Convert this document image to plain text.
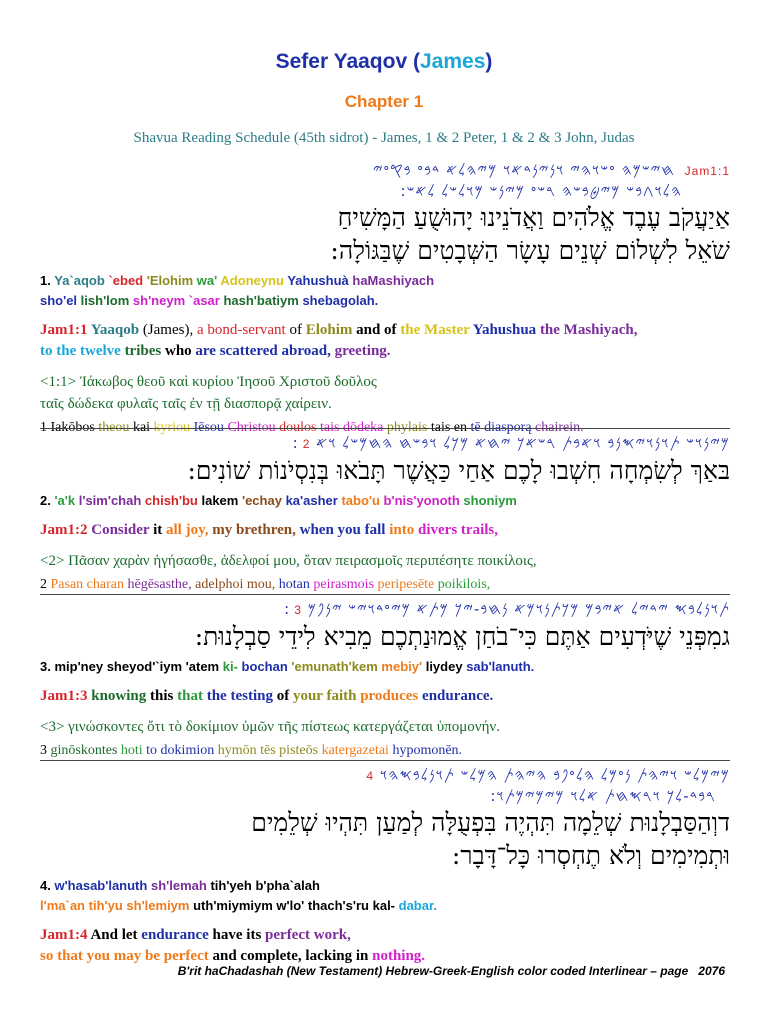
Sefer Yaaqov (James)
Chapter 1
Shavua Reading Schedule (45th sidrot) - James, 1 & 2 Peter, 1 & 2 & 3 John, Judas
𐤇𐤉𐤔𐤌𐤄 𐤏𐤔𐤅𐤄𐤉 𐤅𐤍𐤉𐤍𐤃𐤀𐤅 𐤌𐤉𐤄𐤋𐤀 𐤃𐤁𐤏 𐤁𐤒𐤏𐤉 Jam1:1
:𐤄𐤋𐤅𐤂𐤁𐤔 𐤌𐤉𐤈𐤁𐤔𐤄 𐤓𐤔𐤏 𐤌𐤉𐤍𐤔 𐤌𐤅𐤋𐤔𐤋 𐤋𐤀𐤔
אַיַעֲקֹב עֶבֶד אֱלֹהִים וַאֲדֹנֵינוּ יָהוּשֻׁעַ הַמָּשִׁיחַ
שֹׁאֵל לִשְׁלוֹם שְׁנֵים עָשָׂר הַשְּׁבָטִים שֶׁבַּגּוֹלָה:
1. Ya`aqob `ebed 'Elohim wa' Adoneynu Yahushuà haMashiyach
sho'el lish'lom sh'neym `asar hash'batiym shebagolah.
Jam1:1 Yaaqob (James), a bond-servant of Elohim and of the Master Yahushua the Mashiyach,
to the twelve tribes who are scattered abroad, greeting.
<1:1> Ἰάκωβος θεοῦ καὶ κυρίου Ἰησοῦ Χριστοῦ δοῦλος
ταῖς δώδεκα φυλαῖς ταῖς ἐν τῇ διασπορᾷ χαίρειν.
1 Iakōbos theou kai kyriou Iēsou Christou doulos tais dōdeka phylais tais en tē diasporą chairein.
:𐤌𐤉𐤍𐤅𐤔 𐤕𐤅𐤍𐤅𐤉𐤎𐤍𐤁 𐤅𐤀𐤁𐤕 𐤓𐤔𐤀𐤊 𐤉𐤇𐤀 𐤌𐤊𐤋 𐤅𐤁𐤔𐤇 𐤄𐤇𐤌𐤔𐤋 𐤅𐤀 2
בּאַךְ לְשִׂמְחָה חִשְׁבוּ לָכֶם אַחַי כַּאֲשֶׁר תָּבֹאוּ בְּנִסְיֹנוֹת שׁוֹנִים:
2. 'a'k l'sim'chah chish'bu lakem 'echay ka'asher tabo'u b'nis'yonoth shoniym
Jam1:2 Consider it all joy, my brethren, when you fall into divers trails,
<2> Πᾶσαν χαρὰν ἡγήσασθε, ἀδελφοί μου, ὅταν πειρασμοῖς περιπέσητε ποικίλοις,
2 Pasan charan hēgēsasthe, adelphoi mou, hotan peirasmois peripesēte poikilois,
:𐤕𐤅𐤍𐤋𐤁𐤎 𐤉𐤃𐤉𐤋 𐤀𐤉𐤁𐤌 𐤌𐤊𐤕𐤍𐤅𐤌𐤀 𐤍𐤇𐤁-𐤉𐤊 𐤌𐤕𐤀 𐤌𐤉𐤏𐤃𐤅𐤉𐤔 𐤉𐤍𐤐𐤌 3
גמִפְּנֵי שֶׁיֹּדְעִים אַתֶּם כִּי־בֹחַן אֱמוּנַתְכֶם מֵבִיא לִידֵי סַבְלָנוּת:
3. mip'ney sheyod'`iym 'atem ki- bochan 'emunath'kem mebiy' liydey sab'lanuth.
Jam1:3 knowing this that the testing of your faith produces endurance.
<3> γινώσκοντες ὅτι τὸ δοκίμιον ὑμῶν τῆς πίστεως κατεργάζεται ὑπομονήν.
3 ginōskontes hoti to dokimion hymōn tēs pisteōs katergazetai hypomonēn.
𐤌𐤉𐤌𐤋𐤔 𐤅𐤉𐤄𐤕 𐤍𐤏𐤌𐤋 𐤄𐤋𐤏𐤐𐤁 𐤄𐤉𐤄𐤕 𐤄𐤌𐤋𐤔 𐤕𐤅𐤍𐤋𐤁𐤎𐤄𐤅 4
:𐤓𐤁𐤃-𐤋𐤊 𐤅𐤓𐤎𐤇𐤕 𐤀𐤋𐤅 𐤌𐤉𐤌𐤉𐤌𐤕𐤅
דוְהַסַּבְלָנוּת שְׁלֵמָה תִּהְיֶה בִּפְעֻלָּה לְמַעַן תִּהְיוּ שְׁלֵמִים
וּתְמִימִים וְלֹא תֶחְסְרוּ כָּל־דָּבָר:
4. w'hasab'lanuth sh'lemah tih'yeh b'pha`alah
l'ma`an tih'yu sh'lemiym uth'miymiym w'lo' thach's'ru kal- dabar.
Jam1:4 And let endurance have its perfect work,
so that you may be perfect and complete, lacking in nothing.
B'rit haChadashah (New Testament) Hebrew-Greek-English color coded Interlinear – page 2076
